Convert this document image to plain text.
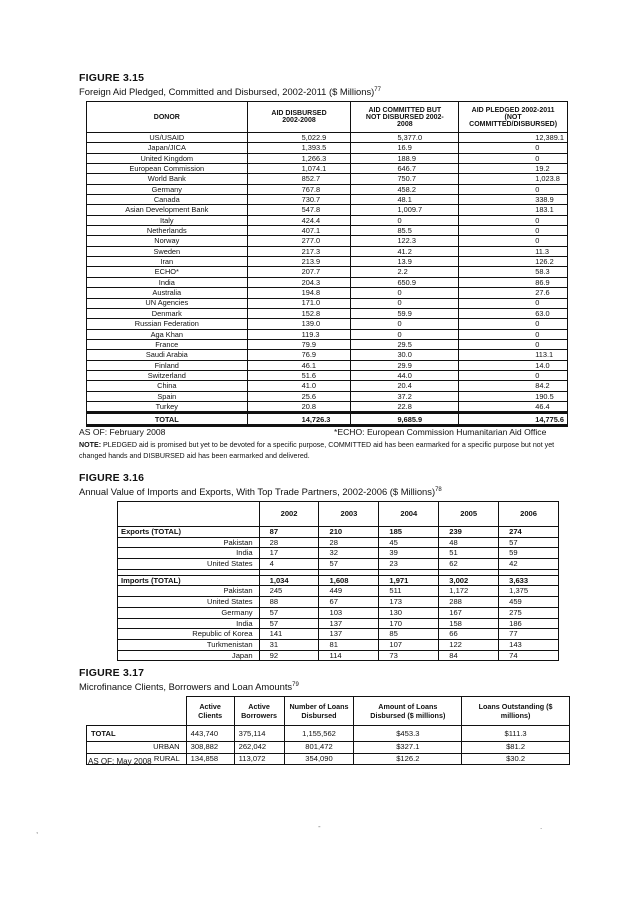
FIGURE 3.15
Foreign Aid Pledged, Committed and Disbursed, 2002-2011 ($ Millions)$^{77}$
DONOR	AID DISBURSED 2002-2008	AID COMMITTED BUT NOT DISBURSED 2002-2008	AID PLEDGED 2002-2011 (NOT COMMITTED/DISBURSED)
US/USAID	5,022.9	5,377.0	12,389.1
Japan/JICA	1,393.5	16.9	0
United Kingdom	1,266.3	188.9	0
European Commission	1,074.1	646.7	19.2
World Bank	852.7	750.7	1,023.8
Germany	767.8	458.2	0
Canada	730.7	48.1	338.9
Asian Development Bank	547.8	1,009.7	183.1
Italy	424.4	0	0
Netherlands	407.1	85.5	0
Norway	277.0	122.3	0
Sweden	217.3	41.2	11.3
Iran	213.9	13.9	126.2
ECHO*	207.7	2.2	58.3
India	204.3	650.9	86.9
Australia	194.8	0	27.6
UN Agencies	171.0	0	0
Denmark	152.8	59.9	63.0
Russian Federation	139.0	0	0
Aga Khan	119.3	0	0
France	79.9	29.5	0
Saudi Arabia	76.9	30.0	113.1
Finland	46.1	29.9	14.0
Switzerland	51.6	44.0	0
China	41.0	20.4	84.2
Spain	25.6	37.2	190.5
Turkey	20.8	22.8	46.4
TOTAL	14,726.3	9,685.9	14,775.6
AS OF: February 2008	*ECHO: European Commission Humanitarian Aid Office
NOTE: PLEDGED aid is promised but yet to be devoted for a specific purpose, COMMITTED aid has been earmarked for a specific purpose but not yet changed hands and DISBURSED aid has been earmarked and delivered.
FIGURE 3.16
Annual Value of Imports and Exports, With Top Trade Partners, 2002-2006 ($ Millions)$^{78}$
	2002	2003	2004	2005	2006
Exports (TOTAL)	87	210	185	239	274
Pakistan	28	28	45	48	57
India	17	32	39	51	59
United States	4	57	23	62	42

Imports (TOTAL)	1,034	1,608	1,971	3,002	3,633
Pakistan	245	449	511	1,172	1,375
United States	88	67	173	288	459
Germany	57	103	130	167	275
India	57	137	170	158	186
Republic of Korea	141	137	85	66	77
Turkmenistan	31	81	107	122	143
Japan	92	114	73	84	74
FIGURE 3.17
Microfinance Clients, Borrowers and Loan Amounts$^{79}$
	Active Clients	Active Borrowers	Number of Loans Disbursed	Amount of Loans Disbursed ($ millions)	Loans Outstanding ($ millions)
TOTAL	443,740	375,114	1,155,562	$453.3	$111.3
URBAN	308,882	262,042	801,472	$327.1	$81.2
RURAL	134,858	113,072	354,090	$126.2	$30.2
AS OF: May 2008
,	-	.
